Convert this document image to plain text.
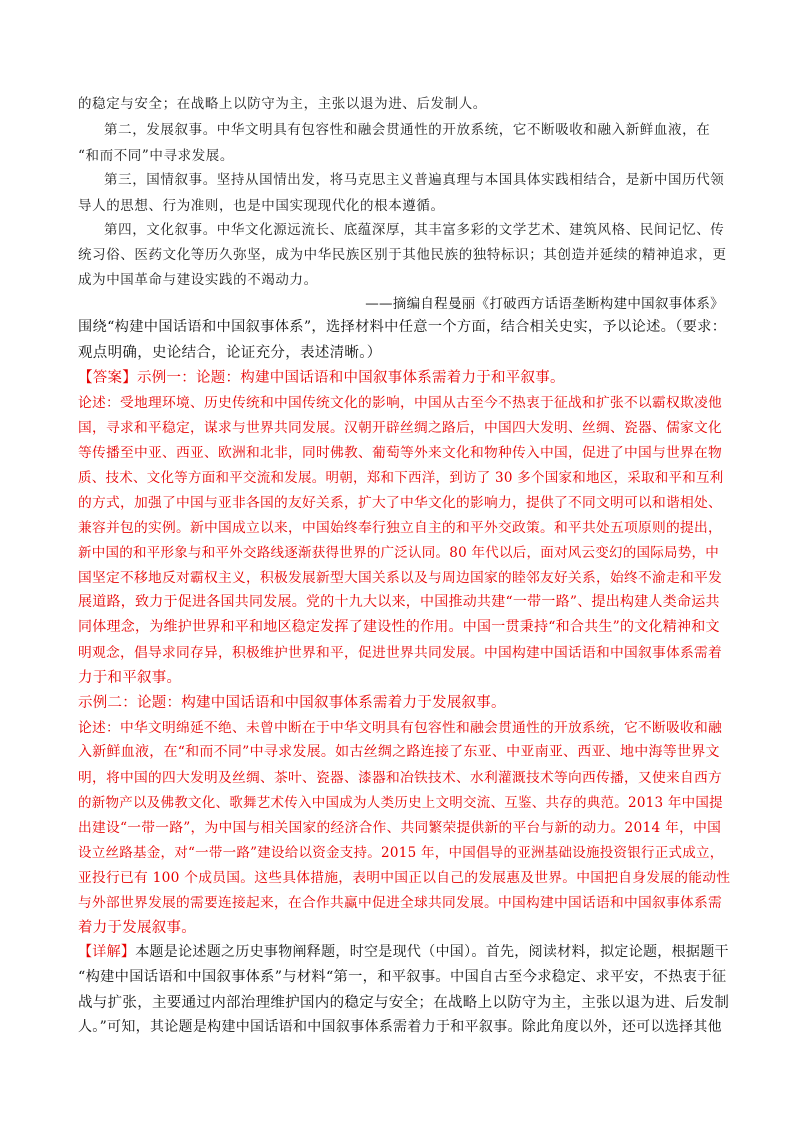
的稳定与安全；在战略上以防守为主，主张以退为进、后发制人。
第二，发展叙事。中华文明具有包容性和融会贯通性的开放系统，它不断吸收和融入新鲜血液，在
“和而不同”中寻求发展。
第三，国情叙事。坚持从国情出发，将马克思主义普遍真理与本国具体实践相结合，是新中国历代领
导人的思想、行为准则，也是中国实现现代化的根本遵循。
第四，文化叙事。中华文化源远流长、底蕴深厚，其丰富多彩的文学艺术、建筑风格、民间记忆、传
统习俗、医药文化等历久弥坚，成为中华民族区别于其他民族的独特标识；其创造并延续的精神追求，更
成为中国革命与建设实践的不竭动力。
——摘编自程曼丽《打破西方话语垄断构建中国叙事体系》
围绕“构建中国话语和中国叙事体系”，选择材料中任意一个方面，结合相关史实，予以论述。（要求：
观点明确，史论结合，论证充分，表述清晰。）
【答案】示例一：论题：构建中国话语和中国叙事体系需着力于和平叙事。
论述：受地理环境、历史传统和中国传统文化的影响，中国从古至今不热衷于征战和扩张不以霸权欺凌他
国，寻求和平稳定，谋求与世界共同发展。汉朝开辟丝绸之路后，中国四大发明、丝绸、瓷器、儒家文化
等传播至中亚、西亚、欧洲和北非，同时佛教、葡萄等外来文化和物种传入中国，促进了中国与世界在物
质、技术、文化等方面和平交流和发展。明朝，郑和下西洋，到访了 30 多个国家和地区，采取和平和互利
的方式，加强了中国与亚非各国的友好关系，扩大了中华文化的影响力，提供了不同文明可以和谐相处、
兼容并包的实例。新中国成立以来，中国始终奉行独立自主的和平外交政策。和平共处五项原则的提出，
新中国的和平形象与和平外交路线逐渐获得世界的广泛认同。80 年代以后，面对风云变幻的国际局势，中
国坚定不移地反对霸权主义，积极发展新型大国关系以及与周边国家的睦邻友好关系，始终不渝走和平发
展道路，致力于促进各国共同发展。党的十九大以来，中国推动共建“一带一路”、提出构建人类命运共
同体理念，为维护世界和平和地区稳定发挥了建设性的作用。中国一贯秉持“和合共生”的文化精神和文
明观念，倡导求同存异，积极维护世界和平，促进世界共同发展。中国构建中国话语和中国叙事体系需着
力于和平叙事。
示例二：论题：构建中国话语和中国叙事体系需着力于发展叙事。
论述：中华文明绵延不绝、未曾中断在于中华文明具有包容性和融会贯通性的开放系统，它不断吸收和融
入新鲜血液，在“和而不同”中寻求发展。如古丝绸之路连接了东亚、中亚南亚、西亚、地中海等世界文
明，将中国的四大发明及丝绸、茶叶、瓷器、漆器和冶铁技术、水利灌溉技术等向西传播，又使来自西方
的新物产以及佛教文化、歌舞艺术传入中国成为人类历史上文明交流、互鉴、共存的典范。2013 年中国提
出建设“一带一路”，为中国与相关国家的经济合作、共同繁荣提供新的平台与新的动力。2014 年，中国
设立丝路基金，对“一带一路”建设给以资金支持。2015 年，中国倡导的亚洲基础设施投资银行正式成立，
亚投行已有 100 个成员国。这些具体措施，表明中国正以自己的发展惠及世界。中国把自身发展的能动性
与外部世界发展的需要连接起来，在合作共赢中促进全球共同发展。中国构建中国话语和中国叙事体系需
着力于发展叙事。
【详解】本题是论述题之历史事物阐释题，时空是现代（中国）。首先，阅读材料，拟定论题，根据题干
“构建中国话语和中国叙事体系”与材料“第一，和平叙事。中国自古至今求稳定、求平安，不热衷于征
战与扩张，主要通过内部治理维护国内的稳定与安全；在战略上以防守为主，主张以退为进、后发制
人。”可知，其论题是构建中国话语和中国叙事体系需着力于和平叙事。除此角度以外，还可以选择其他
